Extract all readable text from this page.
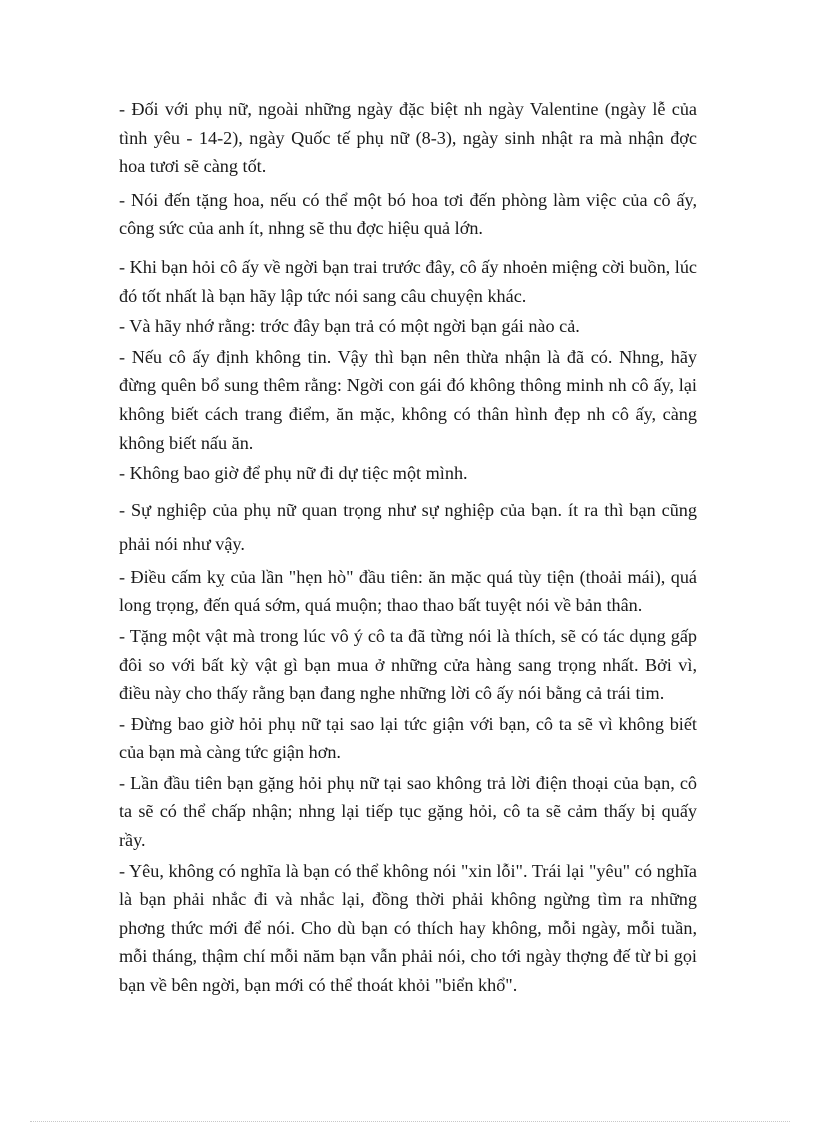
- Đối với phụ nữ, ngoài những ngày đặc biệt nh ngày Valentine (ngày lễ của tình yêu - 14-2), ngày Quốc tế phụ nữ (8-3), ngày sinh nhật ra mà nhận đợc hoa tươi sẽ càng tốt.

- Nói đến tặng hoa, nếu có thể một bó hoa tơi đến phòng làm việc của cô ấy, công sức của anh ít, nhng sẽ thu đợc hiệu quả lớn.

- Khi bạn hỏi cô ấy về ngời bạn trai trước đây, cô ấy nhoẻn miệng cời buồn, lúc đó tốt nhất là bạn hãy lập tức nói sang câu chuyện khác.

- Và hãy nhớ rằng: trớc đây bạn trả có một ngời bạn gái nào cả.

- Nếu cô ấy định không tin. Vậy thì bạn nên thừa nhận là đã có. Nhng, hãy đừng quên bổ sung thêm rằng: Ngời con gái đó không thông minh nh cô ấy, lại không biết cách trang điểm, ăn mặc, không có thân hình đẹp nh cô ấy, càng không biết nấu ăn.

- Không bao giờ để phụ nữ đi dự tiệc một mình.

- Sự nghiệp của phụ nữ quan trọng như sự nghiệp của bạn. ít ra thì bạn cũng phải nói như vậy.

- Điều cấm kỵ của lần "hẹn hò" đầu tiên: ăn mặc quá tùy tiện (thoải mái), quá long trọng, đến quá sớm, quá muộn; thao thao bất tuyệt nói về bản thân.

- Tặng một vật mà trong lúc vô ý cô ta đã từng nói là thích, sẽ có tác dụng gấp đôi so với bất kỳ vật gì bạn mua ở những cửa hàng sang trọng nhất. Bởi vì, điều này cho thấy rằng bạn đang nghe những lời cô ấy nói bằng cả trái tim.

- Đừng bao giờ hỏi phụ nữ tại sao lại tức giận với bạn, cô ta sẽ vì không biết của bạn mà càng tức giận hơn.

- Lần đầu tiên bạn gặng hỏi phụ nữ tại sao không trả lời điện thoại của bạn, cô ta sẽ có thể chấp nhận; nhng lại tiếp tục gặng hỏi, cô ta sẽ cảm thấy bị quấy rầy.

- Yêu, không có nghĩa là bạn có thể không nói "xin lỗi". Trái lại "yêu" có nghĩa là bạn phải nhắc đi và nhắc lại, đồng thời phải không ngừng tìm ra những phơng thức mới để nói. Cho dù bạn có thích hay không, mỗi ngày, mỗi tuần, mỗi tháng, thậm chí mỗi năm bạn vẫn phải nói, cho tới ngày thợng đế từ bi gọi bạn về bên ngời, bạn mới có thể thoát khỏi "biển khổ".
